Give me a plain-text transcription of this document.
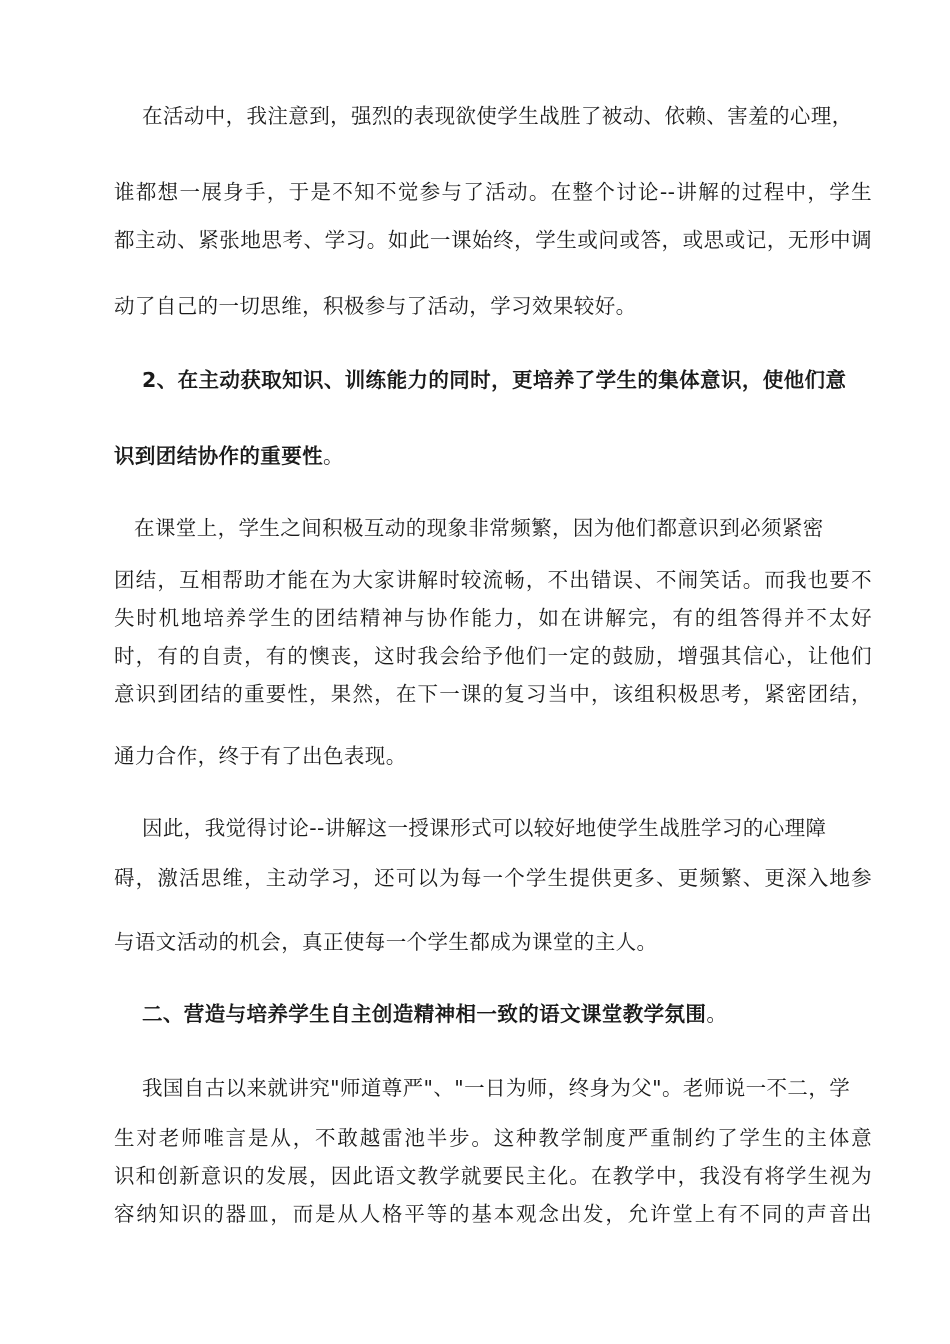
在活动中，我注意到，强烈的表现欲使学生战胜了被动、依赖、害羞的心理，
谁都想一展身手，于是不知不觉参与了活动。在整个讨论--讲解的过程中，学生
都主动、紧张地思考、学习。如此一课始终，学生或问或答，或思或记，无形中调
动了自己的一切思维，积极参与了活动，学习效果较好。
2、在主动获取知识、训练能力的同时，更培养了学生的集体意识，使他们意
识到团结协作的重要性。
在课堂上，学生之间积极互动的现象非常频繁，因为他们都意识到必须紧密
团结，互相帮助才能在为大家讲解时较流畅，不出错误、不闹笑话。而我也要不
失时机地培养学生的团结精神与协作能力，如在讲解完，有的组答得并不太好
时，有的自责，有的懊丧，这时我会给予他们一定的鼓励，增强其信心，让他们
意识到团结的重要性，果然，在下一课的复习当中，该组积极思考，紧密团结，
通力合作，终于有了出色表现。
因此，我觉得讨论--讲解这一授课形式可以较好地使学生战胜学习的心理障
碍，激活思维，主动学习，还可以为每一个学生提供更多、更频繁、更深入地参
与语文活动的机会，真正使每一个学生都成为课堂的主人。
二、营造与培养学生自主创造精神相一致的语文课堂教学氛围。
我国自古以来就讲究"师道尊严"、"一日为师，终身为父"。老师说一不二，学
生对老师唯言是从，不敢越雷池半步。这种教学制度严重制约了学生的主体意
识和创新意识的发展，因此语文教学就要民主化。在教学中，我没有将学生视为
容纳知识的器皿，而是从人格平等的基本观念出发，允许堂上有不同的声音出
